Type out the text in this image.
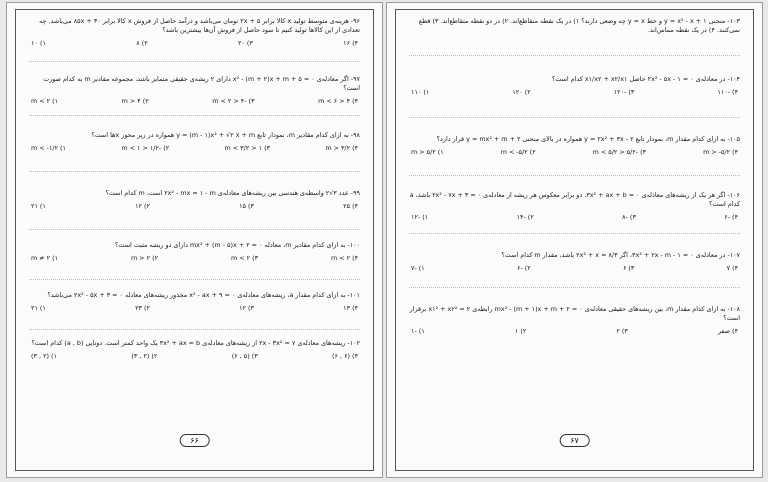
۹۶- هزینه‌ی متوسط تولید x کالا برابر ۵ + ۲x تومان می‌باشد و درآمد حاصل از فروش x کالا برابر ۳۰ + ۸۵x می‌باشد. چه تعدادی از این کالاها تولید کنیم تا سود حاصل از فروش آن‌ها بیشترین باشد؟
۱) ۱۰	۲) ۸	۳) ۲۰	۴) ۱۶
۹۷- اگر معادله‌ی x² - (m + ۲)x + m + ۵ = ۰ دارای ۲ ریشه‌ی حقیقی متمایز باشد، مجموعه مقادیر m به کدام صورت است؟
۱) m < ۲	۲) m > ۴	۳) -۴ < m < ۲	۴) ۴ < m < ۶
۹۸- به ازای کدام مقادیر m، نمودار تابع y = (m - ۱)x² + √۲ x + m همواره در زیر محور xها است؟
۱) m < -۱/۲	۲) -۱/۲ < m < ۱	۳) ۱ < m < ۳/۲	۴) m > ۳/۲
۹۹- عدد ۳√۲ واسطه‌ی هندسی بین ریشه‌های معادله‌ی ۲x² - mx = ۱ - m است، m کدام است؟
۱) ۲۱	۲) ۱۲	۳) ۱۵	۴) ۲۵
۱۰۰- به ازای کدام مقادیر m، معادله mx² + (m - ۵)x + ۲ = ۰ دارای دو ریشه مثبت است؟
۱) m ≠ ۲	۲) m > ۲	۳) m < ۲	۴) m < ۲
۱۰۱- به ازای کدام مقدار a، ریشه‌های معادله‌ی x² - ax + ۹ = ۰ مجذور ریشه‌های معادله ۲x² - ۵x + ۳ = ۰ می‌باشد؟
۱) ۲۱	۲) ۲۳	۳) ۱۲	۴) ۱۳
۱۰۲- ریشه‌های معادله‌ی ۷ = ۲x - ۳x² از ریشه‌های معادله‌ی ۳x² + ax = b یک واحد کمتر است. دوتایی (a , b) کدام است؟
۱) (۲ , ۳)	۲) (۲ , ۳)	۳) (۵ , ۶)	۴) (۶ , ۶)
۶۶
۱۰۳- منحنی y = x² - x + ۱ و خط y = x چه وضعی دارند؟ ۱) در یک نقطه متقاطع‌اند. ۲) در دو نقطه متقاطع‌اند. ۳) قطع نمی‌کنند. ۴) در یک نقطه مماس‌اند.
۱۰۴- در معادله‌ی ۲x² - ۵x - ۱ = ۰ حاصل x۱/x۲ + x۲/x۱ کدام است؟
۱) ۱۱۰	۲) ۱۲۰	۳) -۱۲۰	۴) -۱۱۰
۱۰۵- به ازای کدام مقدار m، نمودار تابع y = ۲x² + ۳x - ۲ همواره در بالای منحنی y = mx² + m + ۲ قرار دارد؟
۱) m > ۵/۲	۲) m < -۵/۲	۳) -۵/۲ < m < ۵/۲	۴) m > -۵/۲
۱۰۶- اگر هر یک از ریشه‌های معادله‌ی ۳x² + ax + b = ۰، دو برابر معکوس هر ریشه از معادله‌ی ۲x² - ۷x + ۳ = ۰ باشد، a کدام است؟
۱) -۱۲	۲) -۱۴	۳) -۸	۴) -۶
۱۰۷- در معادله‌ی ۳x² + ۲x - m - ۱ = ۰، اگر ۲x² + x = ۸/۳ باشد، مقدار m کدام است؟
۱) -۷	۲) -۶	۳) ۶	۴) ۷
۱۰۸- به ازای کدام مقدار m، بین ریشه‌های حقیقی معادله‌ی mx² - (m + ۱)x + m + ۲ = ۰ رابطه‌ی x۱² + x۲² = ۲ برقرار است؟
۱) -۱	۲) ۱	۳) ۲	۴) صفر
۶۷
